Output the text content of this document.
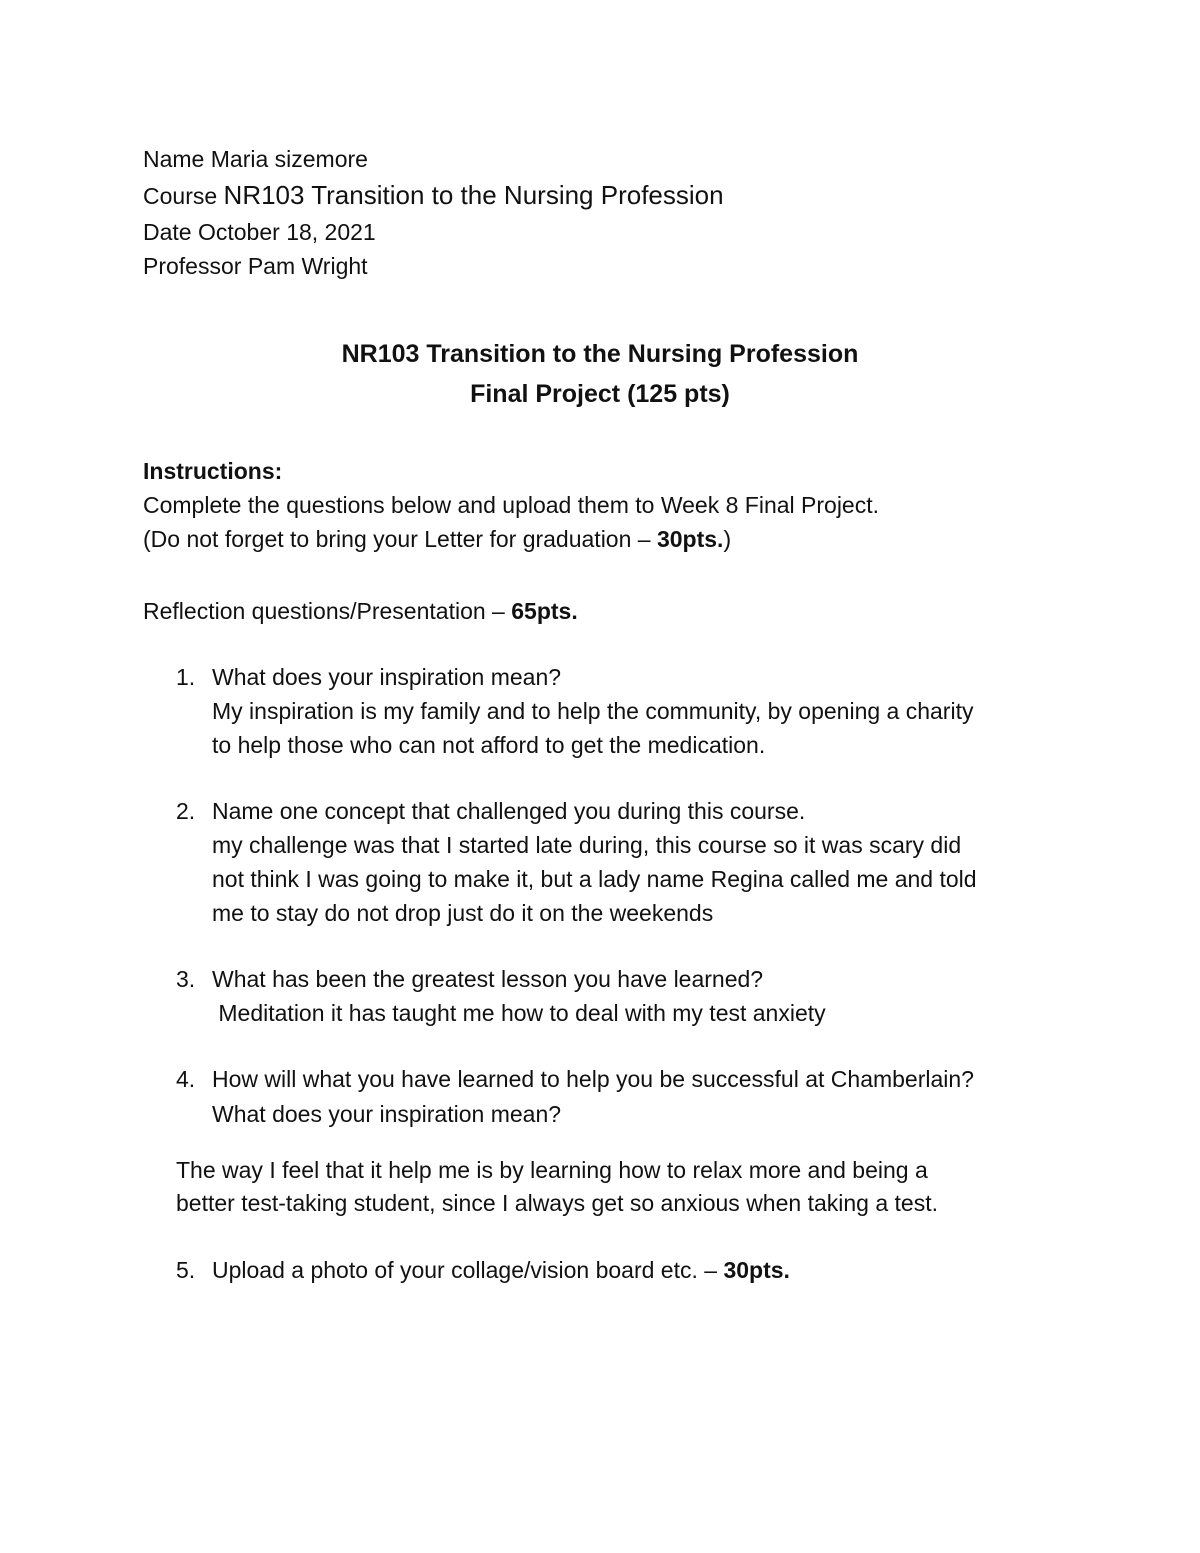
Name Maria sizemore
Course NR103 Transition to the Nursing Profession
Date October 18, 2021
Professor Pam Wright
NR103 Transition to the Nursing Profession
Final Project (125 pts)
Instructions:
Complete the questions below and upload them to Week 8 Final Project.
(Do not forget to bring your Letter for graduation – 30pts.)
Reflection questions/Presentation – 65pts.
1. What does your inspiration mean?
My inspiration is my family and to help the community, by opening a charity
to help those who can not afford to get the medication.
2. Name one concept that challenged you during this course.
my challenge was that I started late during, this course so it was scary did
not think I was going to make it, but a lady name Regina called me and told
me to stay do not drop just do it on the weekends
3. What has been the greatest lesson you have learned?
Meditation it has taught me how to deal with my test anxiety
4. How will what you have learned to help you be successful at Chamberlain?
What does your inspiration mean?
The way I feel that it help me is by learning how to relax more and being a
better test-taking student, since I always get so anxious when taking a test.
5. Upload a photo of your collage/vision board etc. – 30pts.
